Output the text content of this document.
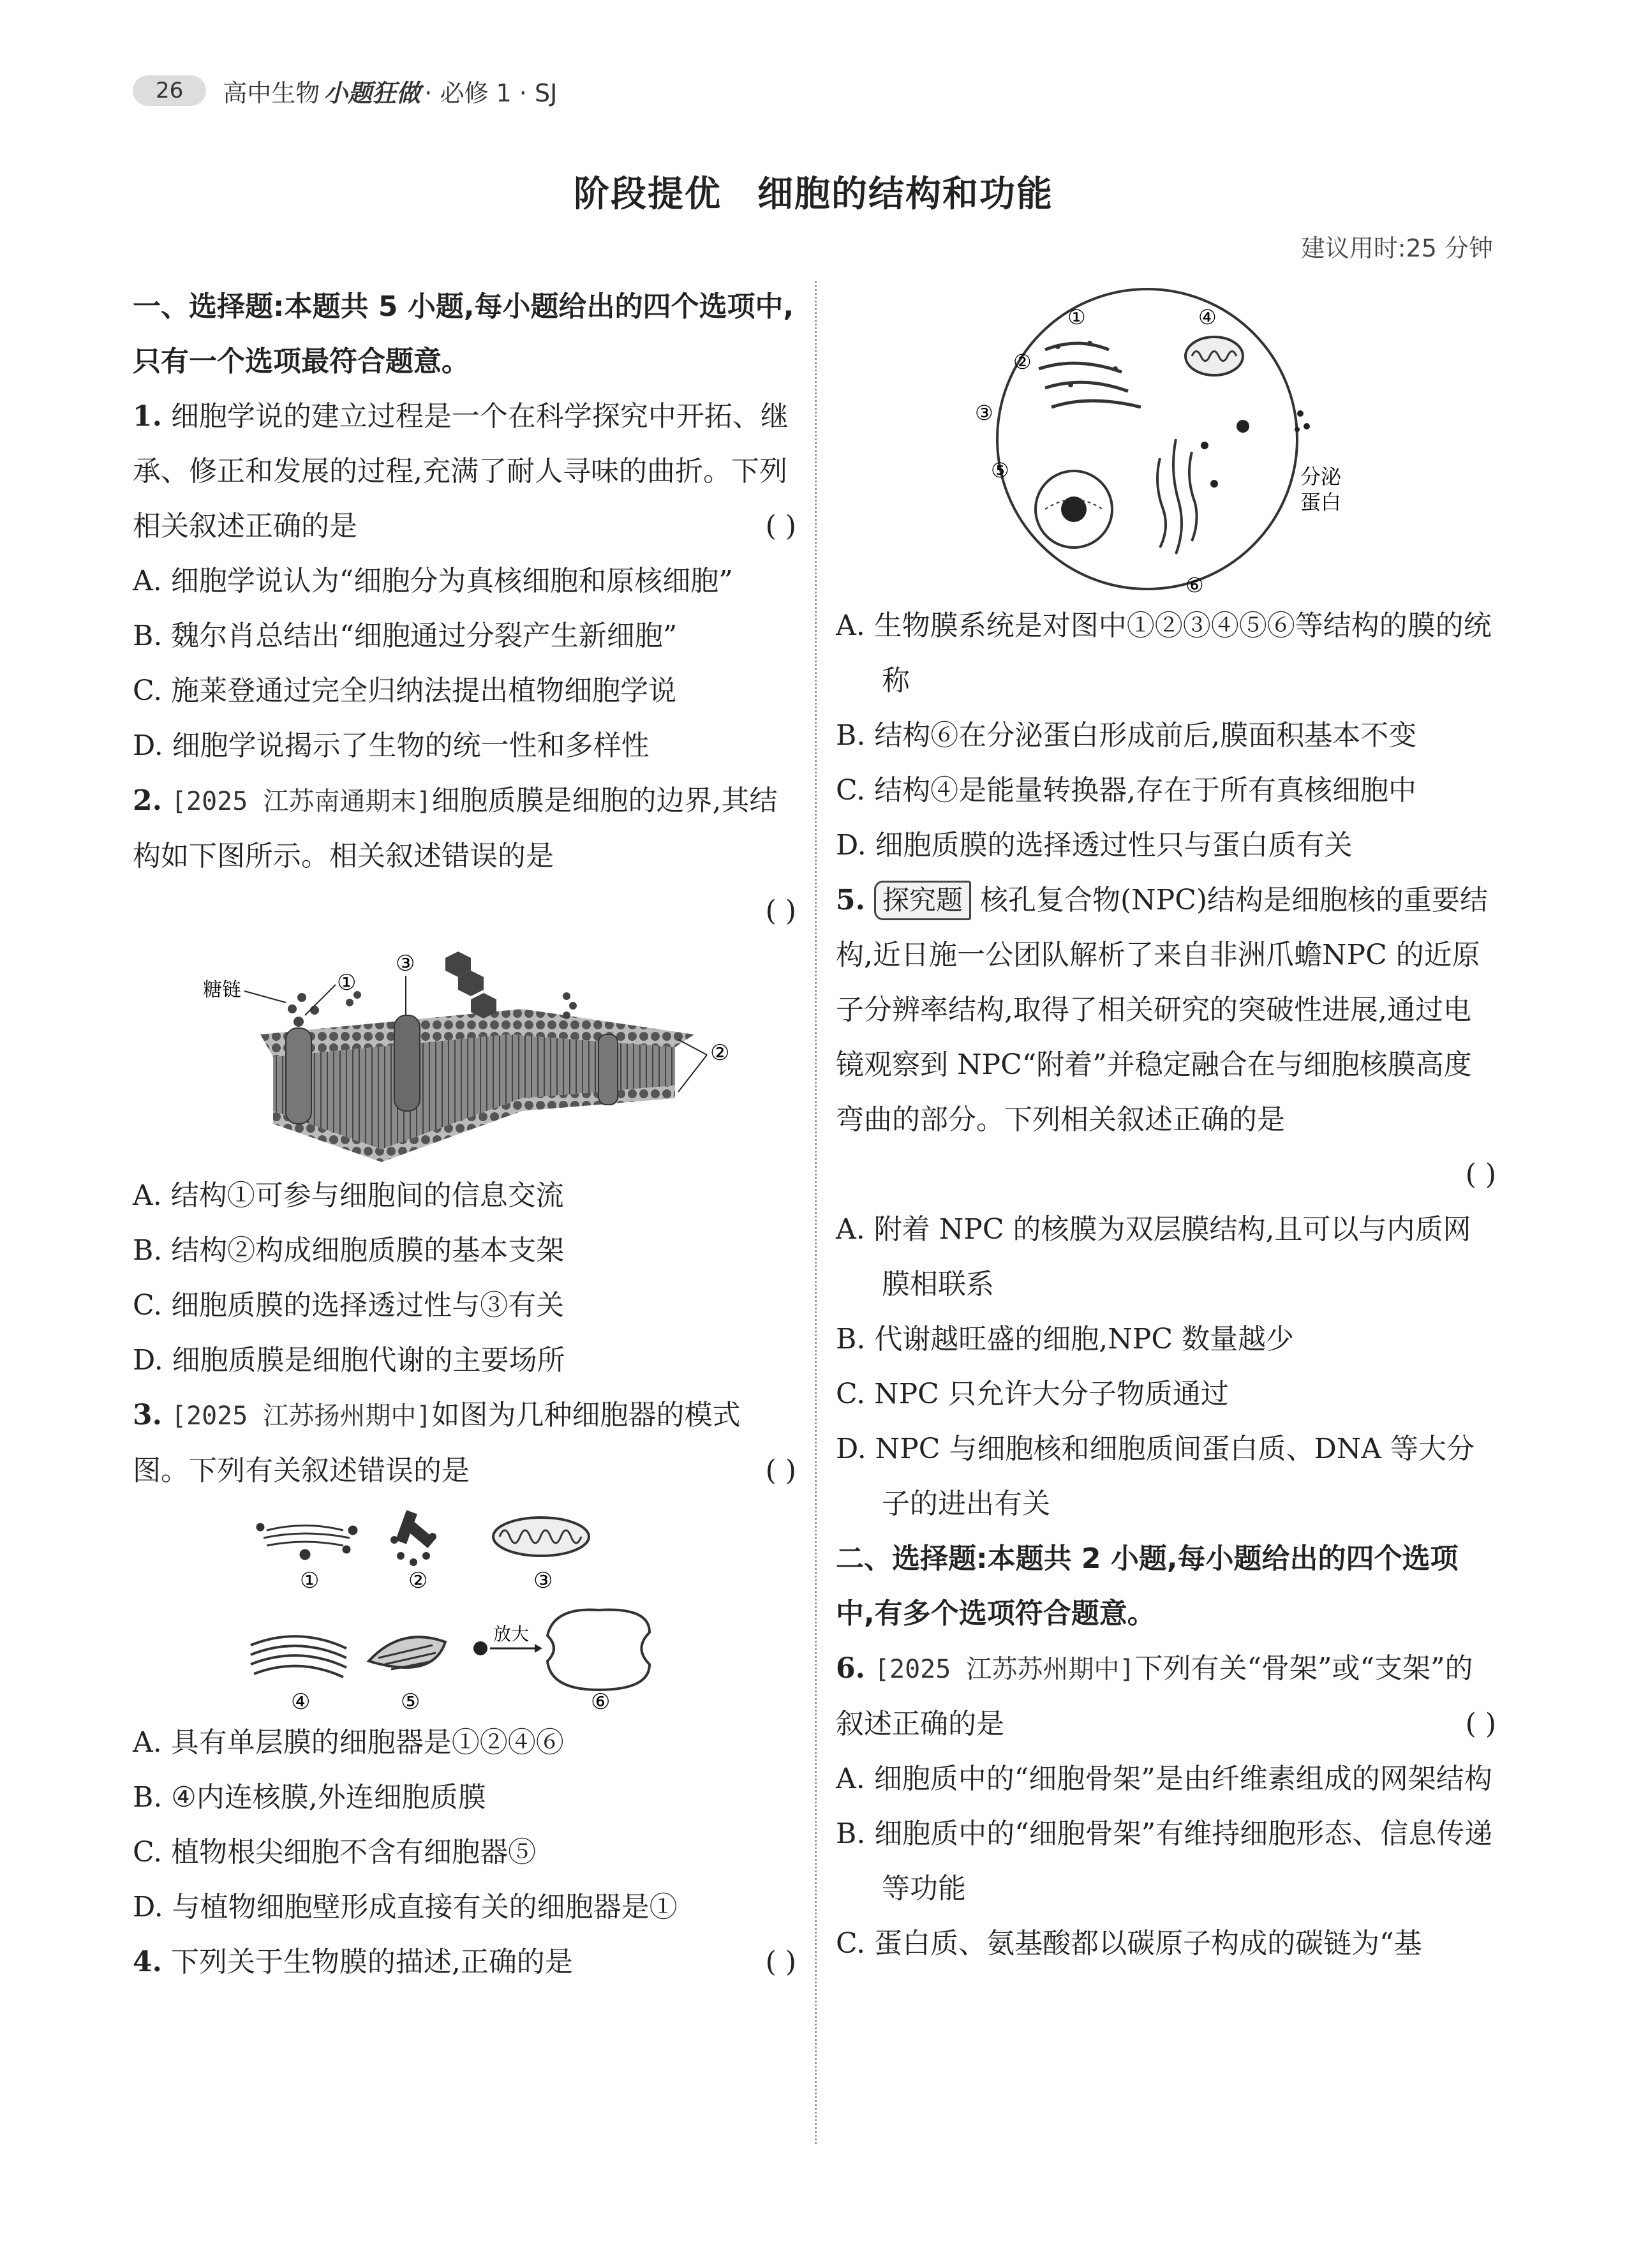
26	高中生物 小题狂做 · 必修 1 · SJ
阶段提优 细胞的结构和功能
建议用时:25 分钟
一、选择题:本题共 5 小题,每小题给出的四个选项中,只有一个选项最符合题意。
1. 细胞学说的建立过程是一个在科学探究中开拓、继承、修正和发展的过程,充满了耐人寻味的曲折。下列相关叙述正确的是	( )
A. 细胞学说认为“细胞分为真核细胞和原核细胞”
B. 魏尔肖总结出“细胞通过分裂产生新细胞”
C. 施莱登通过完全归纳法提出植物细胞学说
D. 细胞学说揭示了生物的统一性和多样性
2. [2025 江苏南通期末]细胞质膜是细胞的边界,其结构如下图所示。相关叙述错误的是
( )
糖链	①
③
②
A. 结构①可参与细胞间的信息交流
B. 结构②构成细胞质膜的基本支架
C. 细胞质膜的选择透过性与③有关
D. 细胞质膜是细胞代谢的主要场所
3. [2025 江苏扬州期中]如图为几种细胞器的模式图。下列有关叙述错误的是	( )
①	②	③
④	⑤
放大
⑥
A. 具有单层膜的细胞器是①②④⑥
B. ④内连核膜,外连细胞质膜
C. 植物根尖细胞不含有细胞器⑤
D. 与植物细胞壁形成直接有关的细胞器是①
4. 下列关于生物膜的描述,正确的是	( )
①	④
②
③
⑤
⑥
分泌
蛋白
A. 生物膜系统是对图中①②③④⑤⑥等结构的膜的统称
B. 结构⑥在分泌蛋白形成前后,膜面积基本不变
C. 结构④是能量转换器,存在于所有真核细胞中
D. 细胞质膜的选择透过性只与蛋白质有关
5. 探究题 核孔复合物(NPC)结构是细胞核的重要结构,近日施一公团队解析了来自非洲爪蟾NPC 的近原子分辨率结构,取得了相关研究的突破性进展,通过电镜观察到 NPC“附着”并稳定融合在与细胞核膜高度弯曲的部分。下列相关叙述正确的是
( )
A. 附着 NPC 的核膜为双层膜结构,且可以与内质网膜相联系
B. 代谢越旺盛的细胞,NPC 数量越少
C. NPC 只允许大分子物质通过
D. NPC 与细胞核和细胞质间蛋白质、DNA 等大分子的进出有关
二、选择题:本题共 2 小题,每小题给出的四个选项中,有多个选项符合题意。
6. [2025 江苏苏州期中]下列有关“骨架”或“支架”的叙述正确的是	( )
A. 细胞质中的“细胞骨架”是由纤维素组成的网架结构
B. 细胞质中的“细胞骨架”有维持细胞形态、信息传递等功能
C. 蛋白质、氨基酸都以碳原子构成的碳链为“基
